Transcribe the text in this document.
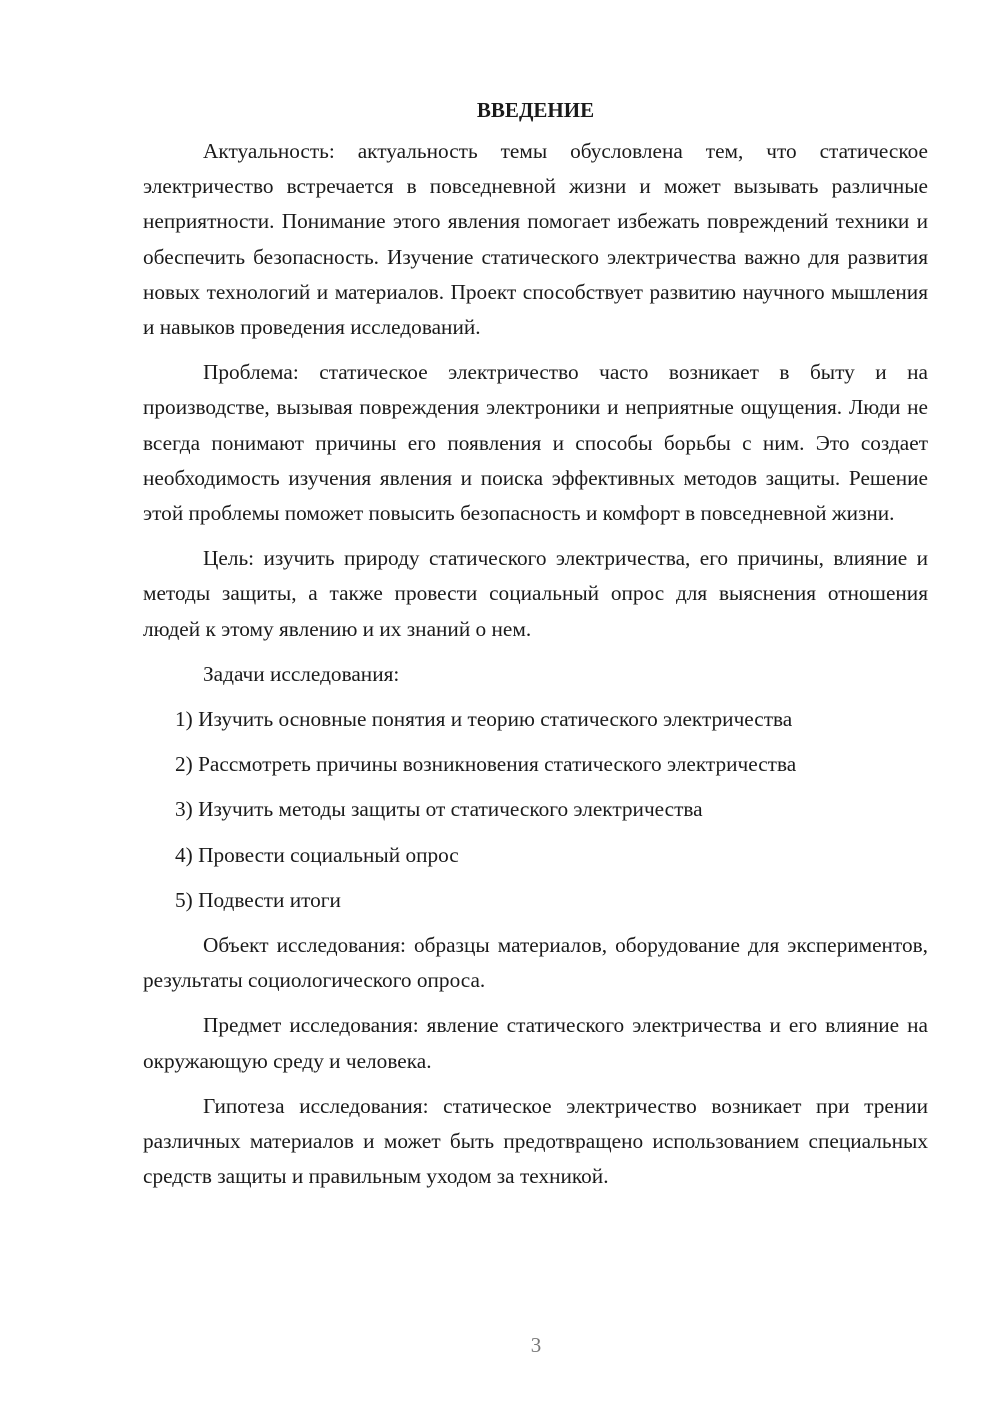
ВВЕДЕНИЕ

Актуальность: актуальность темы обусловлена тем, что статическое электричество встречается в повседневной жизни и может вызывать различные неприятности. Понимание этого явления помогает избежать повреждений техники и обеспечить безопасность. Изучение статического электричества важно для развития новых технологий и материалов. Проект способствует развитию научного мышления и навыков проведения исследований.

Проблема: статическое электричество часто возникает в быту и на производстве, вызывая повреждения электроники и неприятные ощущения. Люди не всегда понимают причины его появления и способы борьбы с ним. Это создает необходимость изучения явления и поиска эффективных методов защиты. Решение этой проблемы поможет повысить безопасность и комфорт в повседневной жизни.

Цель: изучить природу статического электричества, его причины, влияние и методы защиты, а также провести социальный опрос для выяснения отношения людей к этому явлению и их знаний о нем.

Задачи исследования:
1) Изучить основные понятия и теорию статического электричества
2) Рассмотреть причины возникновения статического электричества
3) Изучить методы защиты от статического электричества
4) Провести социальный опрос
5) Подвести итоги

Объект исследования: образцы материалов, оборудование для экспериментов, результаты социологического опроса.

Предмет исследования: явление статического электричества и его влияние на окружающую среду и человека.

Гипотеза исследования: статическое электричество возникает при трении различных материалов и может быть предотвращено использованием специальных средств защиты и правильным уходом за техникой.

3
